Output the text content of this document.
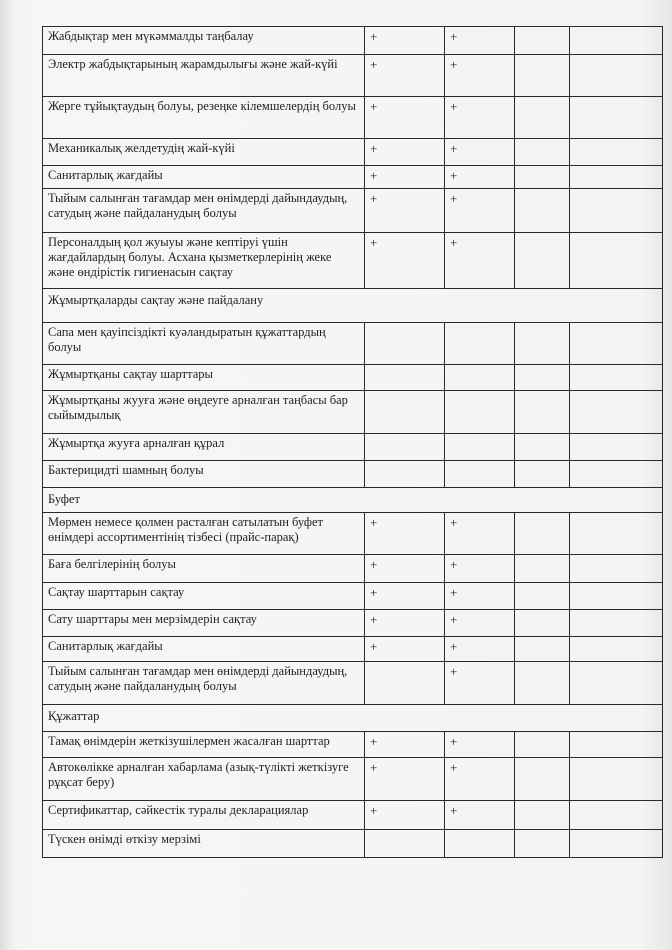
Жабдықтар мен мүкәммалды таңбалау	+	+		
Электр жабдықтарының жарамдылығы және жай-күйі	+	+		
Жерге тұйықтаудың болуы, резеңке кілемшелердің болуы	+	+		
Механикалық желдетудің жай-күйі	+	+		
Санитарлық жағдайы	+	+		
Тыйым салынған тағамдар мен өнімдерді дайындаудың, сатудың және пайдаланудың болуы	+	+		
Персоналдың қол жуыуы және кептіруі үшін жағдайлардың болуы. Асхана қызметкерлерінің жеке және өндірістік гигиенасын сақтау	+	+		
Жұмыртқаларды сақтау және пайдалану				
Сапа мен қауіпсіздікті куәландыратын құжаттардың болуы				
Жұмыртқаны сақтау шарттары				
Жұмыртқаны жууға және өңдеуге арналған таңбасы бар сыйымдылық				
Жұмыртқа жууға арналған құрал				
Бактерицидті шамның болуы				
Буфет				
Мөрмен немесе қолмен расталған сатылатын буфет өнімдері ассортиментінің тізбесі (прайс-парақ)	+	+		
Баға белгілерінің болуы	+	+		
Сақтау шарттарын сақтау	+	+		
Сату шарттары мен мерзімдерін сақтау	+	+		
Санитарлық жағдайы	+	+		
Тыйым салынған тағамдар мен өнімдерді дайындаудың, сатудың және пайдаланудың болуы		+		
Құжаттар				
Тамақ өнімдерін жеткізушілермен жасалған шарттар	+	+		
Автокөлікке арналған хабарлама (азық-түлікті жеткізуге рұқсат беру)	+	+		
Сертификаттар, сәйкестік туралы декларациялар	+	+		
Түскен өнімді өткізу мерзімі				
